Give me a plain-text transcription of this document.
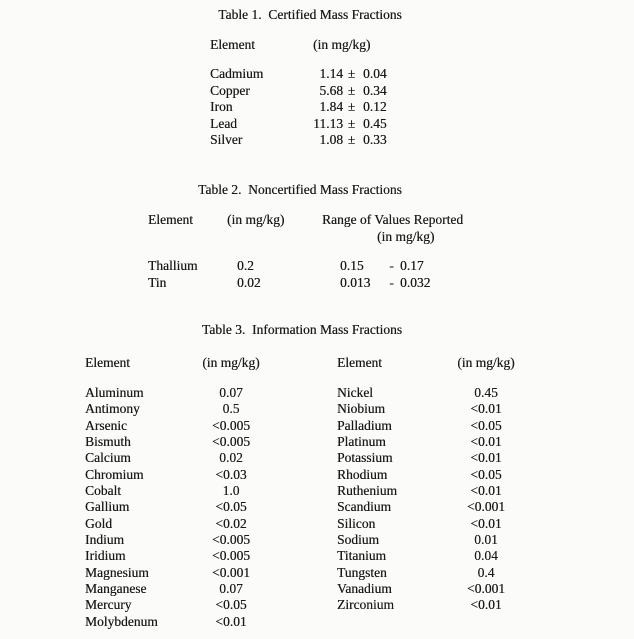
Table 1.  Certified Mass Fractions
Element	(in mg/kg)
Cadmium	1.14 ± 0.04
Copper	5.68 ± 0.34
Iron	1.84 ± 0.12
Lead	11.13 ± 0.45
Silver	1.08 ± 0.33
Table 2.  Noncertified Mass Fractions
Element	(in mg/kg)	Range of Values Reported
(in mg/kg)
Thallium	0.2	0.15	- 0.17
Tin	0.02	0.013	- 0.032
Table 3.  Information Mass Fractions
Element	(in mg/kg)	Element	(in mg/kg)
Aluminum	0.07	Nickel	0.45
Antimony	0.5	Niobium	<0.01
Arsenic	<0.005	Palladium	<0.05
Bismuth	<0.005	Platinum	<0.01
Calcium	0.02	Potassium	<0.01
Chromium	<0.03	Rhodium	<0.05
Cobalt	1.0	Ruthenium	<0.01
Gallium	<0.05	Scandium	<0.001
Gold	<0.02	Silicon	<0.01
Indium	<0.005	Sodium	0.01
Iridium	<0.005	Titanium	0.04
Magnesium	<0.001	Tungsten	0.4
Manganese	0.07	Vanadium	<0.001
Mercury	<0.05	Zirconium	<0.01
Molybdenum	<0.01
